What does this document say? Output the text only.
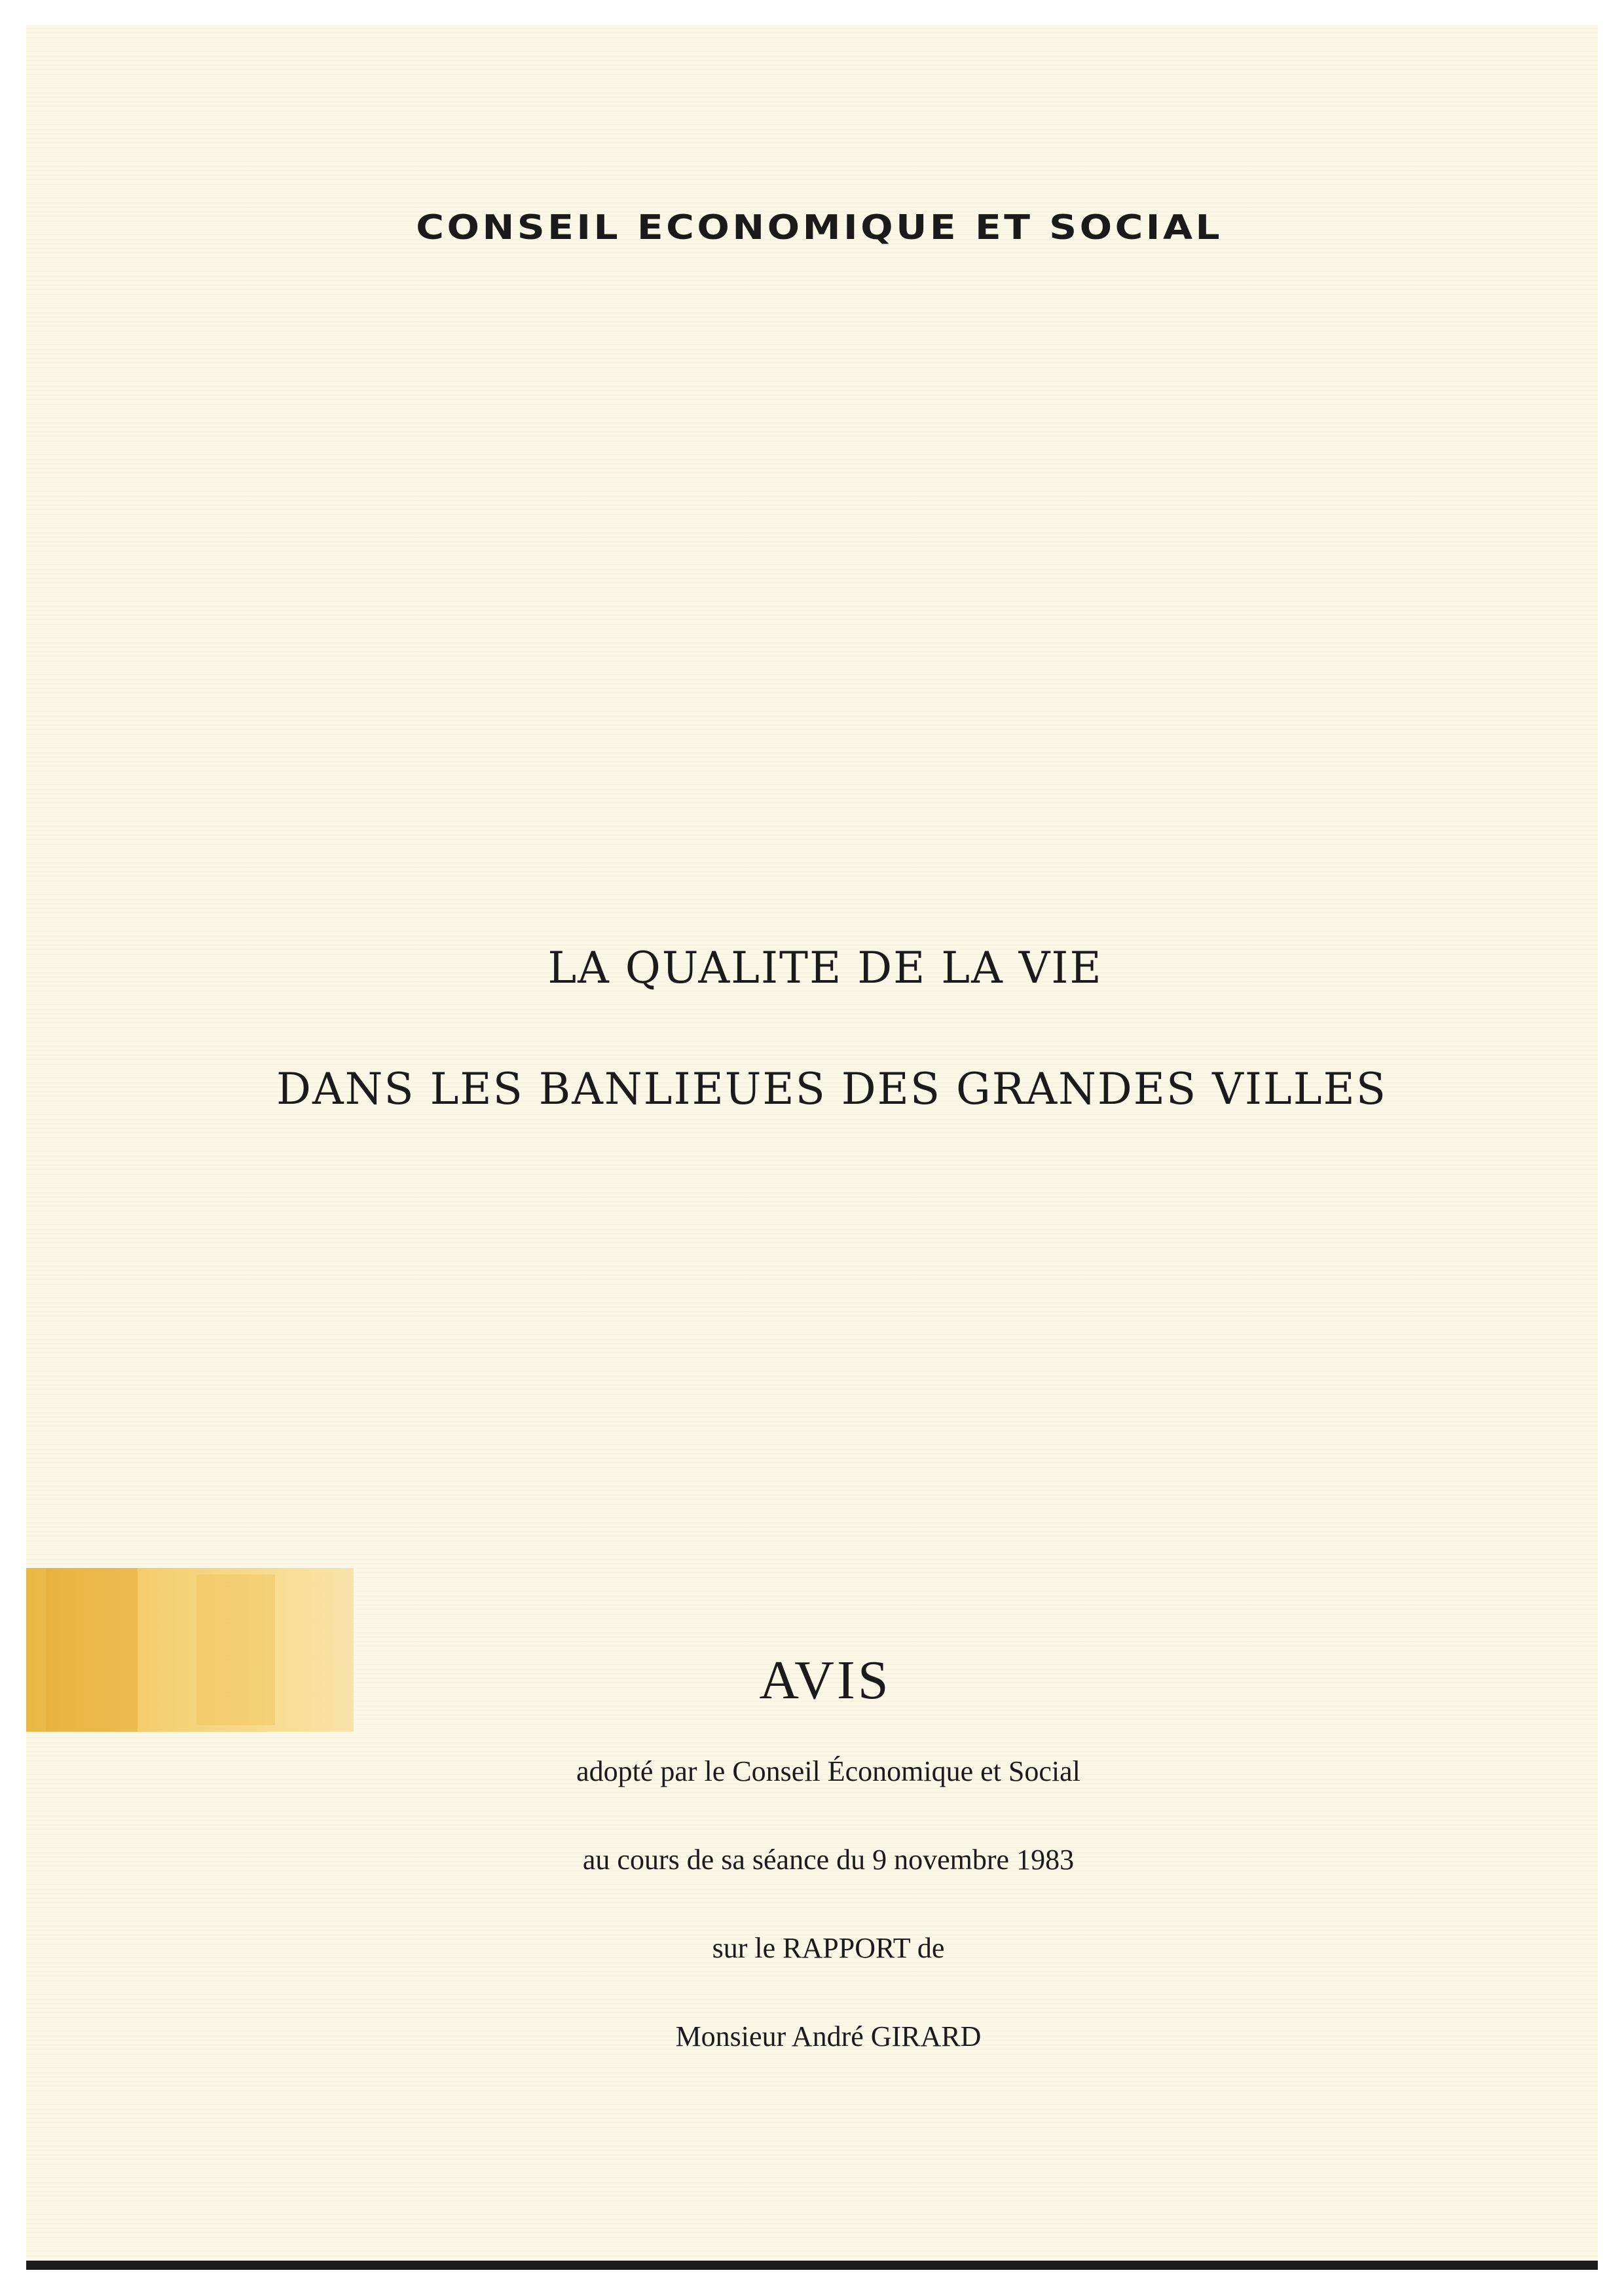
CONSEIL ECONOMIQUE ET SOCIAL
LA QUALITE DE LA VIE
DANS LES BANLIEUES DES GRANDES VILLES
AVIS
adopté par le Conseil Économique et Social
au cours de sa séance du 9 novembre 1983
sur le RAPPORT de
Monsieur André GIRARD
